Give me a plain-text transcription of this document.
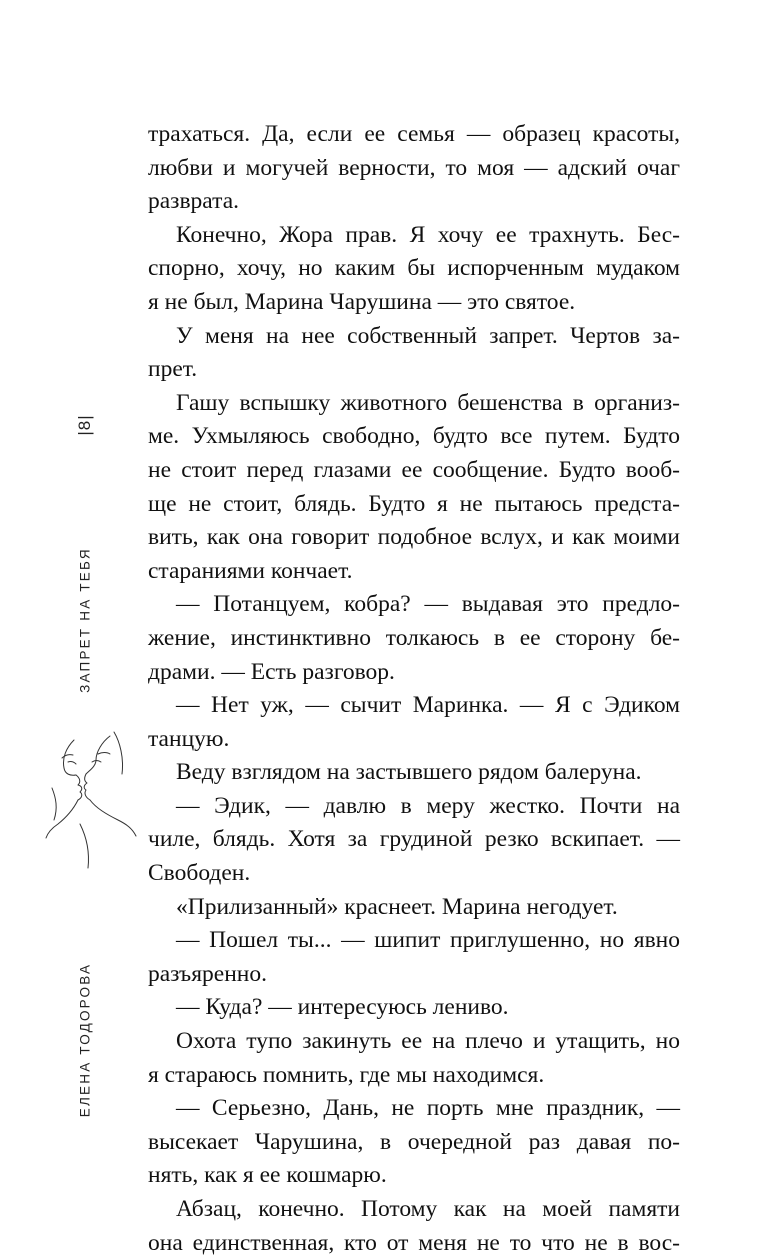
|8|
ЗАПРЕТ НА ТЕБЯ
ЕЛЕНА ТОДОРОВА
трахаться. Да, если ее семья — образец красоты,
любви и могучей верности, то моя — адский очаг
разврата.
Конечно, Жора прав. Я хочу ее трахнуть. Бес-
спорно, хочу, но каким бы испорченным мудаком
я не был, Марина Чарушина — это святое.
У меня на нее собственный запрет. Чертов за-
прет.
Гашу вспышку животного бешенства в организ-
ме. Ухмыляюсь свободно, будто все путем. Будто
не стоит перед глазами ее сообщение. Будто вооб-
ще не стоит, блядь. Будто я не пытаюсь предста-
вить, как она говорит подобное вслух, и как моими
стараниями кончает.
— Потанцуем, кобра? — выдавая это предло-
жение, инстинктивно толкаюсь в ее сторону бе-
драми. — Есть разговор.
— Нет уж, — сычит Маринка. — Я с Эдиком
танцую.
Веду взглядом на застывшего рядом балеруна.
— Эдик, — давлю в меру жестко. Почти на
чиле, блядь. Хотя за грудиной резко вскипает. —
Свободен.
«Прилизанный» краснеет. Марина негодует.
— Пошел ты... — шипит приглушенно, но явно
разъяренно.
— Куда? — интересуюсь лениво.
Охота тупо закинуть ее на плечо и утащить, но
я стараюсь помнить, где мы находимся.
— Серьезно, Дань, не порть мне праздник, —
высекает Чарушина, в очередной раз давая по-
нять, как я ее кошмарю.
Абзац, конечно. Потому как на моей памяти
она единственная, кто от меня не то что не в вос-
